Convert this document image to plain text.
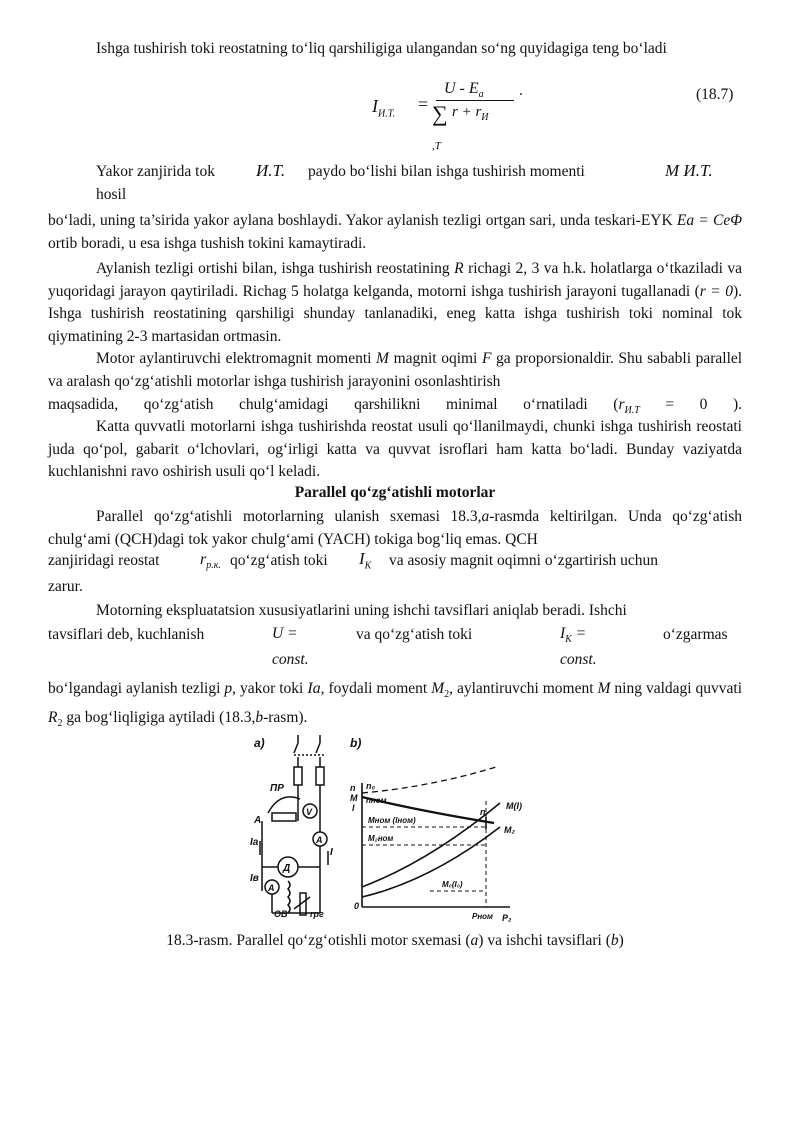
Ishga tushirish toki reostatning to‘liq qarshiligiga ulangandan so‘ng quyidagiga teng bo‘ladi
$I_{И.Т.}$
=
U - $E_a$
∑ $r + r_И$
.
,T
(18.7)
Yakor zanjirida tok И.Т. paydo bo‘lishi bilan ishga tushirish momenti	М И.Т.
hosil
bo‘ladi, uning ta’sirida yakor aylana boshlaydi. Yakor aylanish tezligi ortgan sari, unda teskari-EYK Ea = CeΦ ortib boradi, u esa ishga tushish tokini kamaytiradi.
Aylanish tezligi ortishi bilan, ishga tushirish reostatining R richagi 2, 3 va h.k. holatlarga o‘tkaziladi va yuqoridagi jarayon qaytiriladi. Richag 5 holatga kelganda, motorni ishga tushirish jarayoni tugallanadi (r = 0). Ishga tushirish reostatining qarshiligi shunday tanlanadiki, eneg katta ishga tushirish toki nominal tok qiymatining 2-3 martasidan ortmasin.
Motor aylantiruvchi elektromagnit momenti M magnit oqimi F ga proporsionaldir. Shu sababli parallel va aralash qo‘zg‘atishli motorlar ishga tushirish jarayonini osonlashtirish
maqsadida, qo‘zg‘atish chulg‘amidagi qarshilikni minimal o‘rnatiladi ($r_{И.Т} = 0$ ).
Katta quvvatli motorlarni ishga tushirishda reostat usuli qo‘llanilmaydi, chunki ishga tushirish reostati juda qo‘pol, gabarit o‘lchovlari, og‘irligi katta va quvvat isroflari ham katta bo‘ladi. Bunday vaziyatda kuchlanishni ravo oshirish usuli qo‘l keladi.
Parallel qo‘zg‘atishli motorlar
Parallel qo‘zg‘atishli motorlarning ulanish sxemasi 18.3,a-rasmda keltirilgan. Unda qo‘zg‘atish chulg‘ami (QCH)dagi tok yakor chulg‘ami (YACH) tokiga bog‘liq emas. QCH
zanjiridagi reostat	$r_{р.к.}$ qo‘zg‘atish toki $I_K$ va asosiy magnit oqimni o‘zgartirish uchun
zarur.
Motorning ekspluatatsion xususiyatlarini uning ishchi tavsiflari aniqlab beradi. Ishchi
tavsiflari deb, kuchlanish	U =
const.
va qo‘zg‘atish toki	$I_K$ =
const.
o‘zgarmas
bo‘lgandagi aylanish tezligi p, yakor toki Ia, foydali moment $M_2$, aylantiruvchi moment M ning valdagi quvvati $R_2$ ga bog‘liqligiga aytiladi (18.3,b-rasm).
a)
ПР
А
Iа
I
Iв
V
A
A
Д
ОВ	rрг
b)
n
M
I
n₀
nном
n
M(I)
M₂
Mном (Iном)
M₂ном
M₀(I₀)
0
Pном P₂
18.3-rasm. Parallel qo‘zg‘otishli motor sxemasi (a) va ishchi tavsiflari (b)
